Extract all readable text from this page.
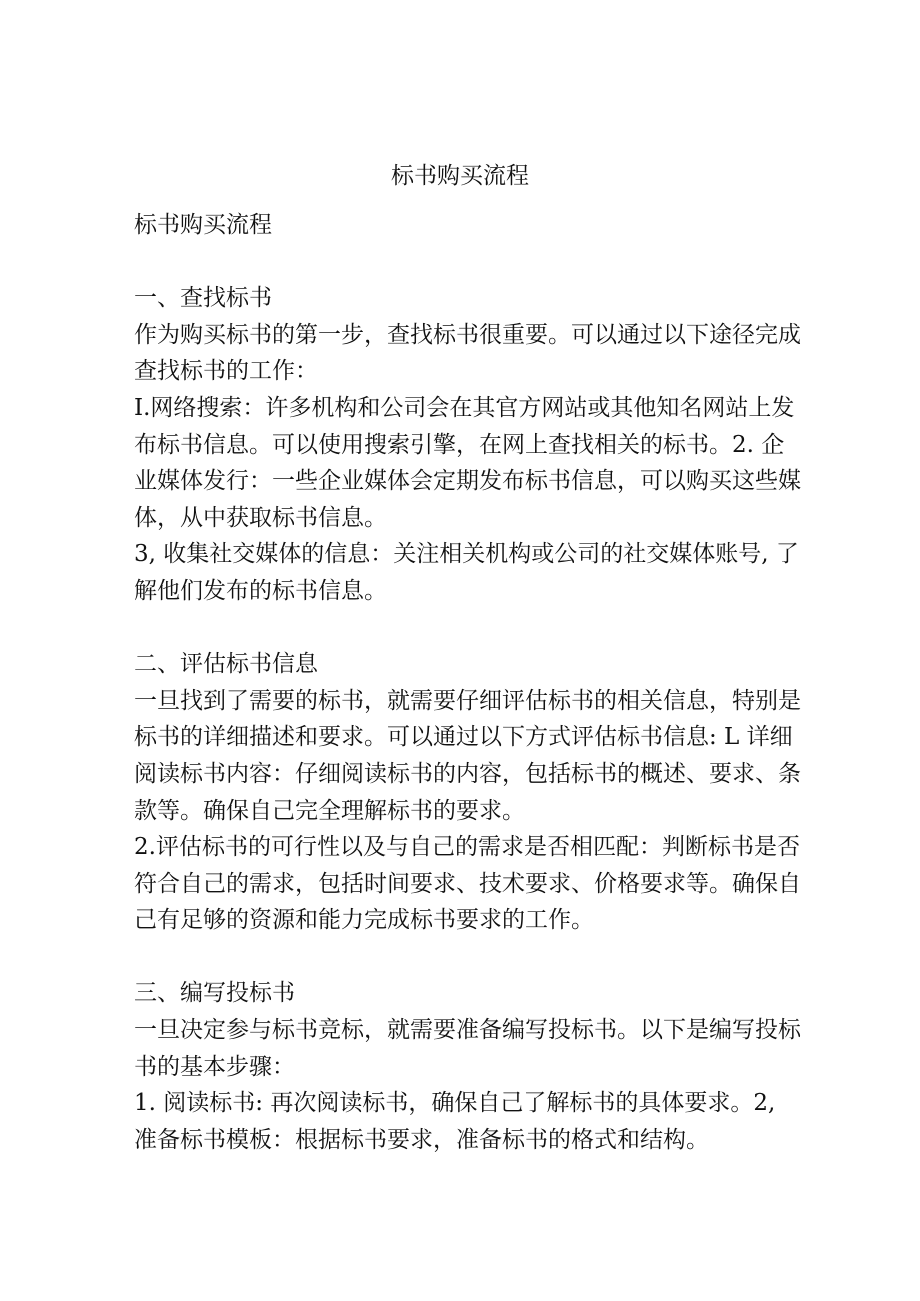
标书购买流程

标书购买流程

一、查找标书

作为购买标书的第一步，查找标书很重要。可以通过以下途径完成查找标书的工作：

I.网络搜索：许多机构和公司会在其官方网站或其他知名网站上发布标书信息。可以使用搜索引擎，在网上查找相关的标书。2. 企业媒体发行：一些企业媒体会定期发布标书信息，可以购买这些媒体，从中获取标书信息。

3, 收集社交媒体的信息：关注相关机构或公司的社交媒体账号, 了解他们发布的标书信息。

二、评估标书信息

一旦找到了需要的标书，就需要仔细评估标书的相关信息，特别是标书的详细描述和要求。可以通过以下方式评估标书信息: L 详细阅读标书内容：仔细阅读标书的内容，包括标书的概述、要求、条款等。确保自己完全理解标书的要求。

2.评估标书的可行性以及与自己的需求是否相匹配：判断标书是否符合自己的需求，包括时间要求、技术要求、价格要求等。确保自己有足够的资源和能力完成标书要求的工作。

三、编写投标书

一旦决定参与标书竞标，就需要准备编写投标书。以下是编写投标书的基本步骤：

1. 阅读标书: 再次阅读标书，确保自己了解标书的具体要求。2, 准备标书模板：根据标书要求，准备标书的格式和结构。
